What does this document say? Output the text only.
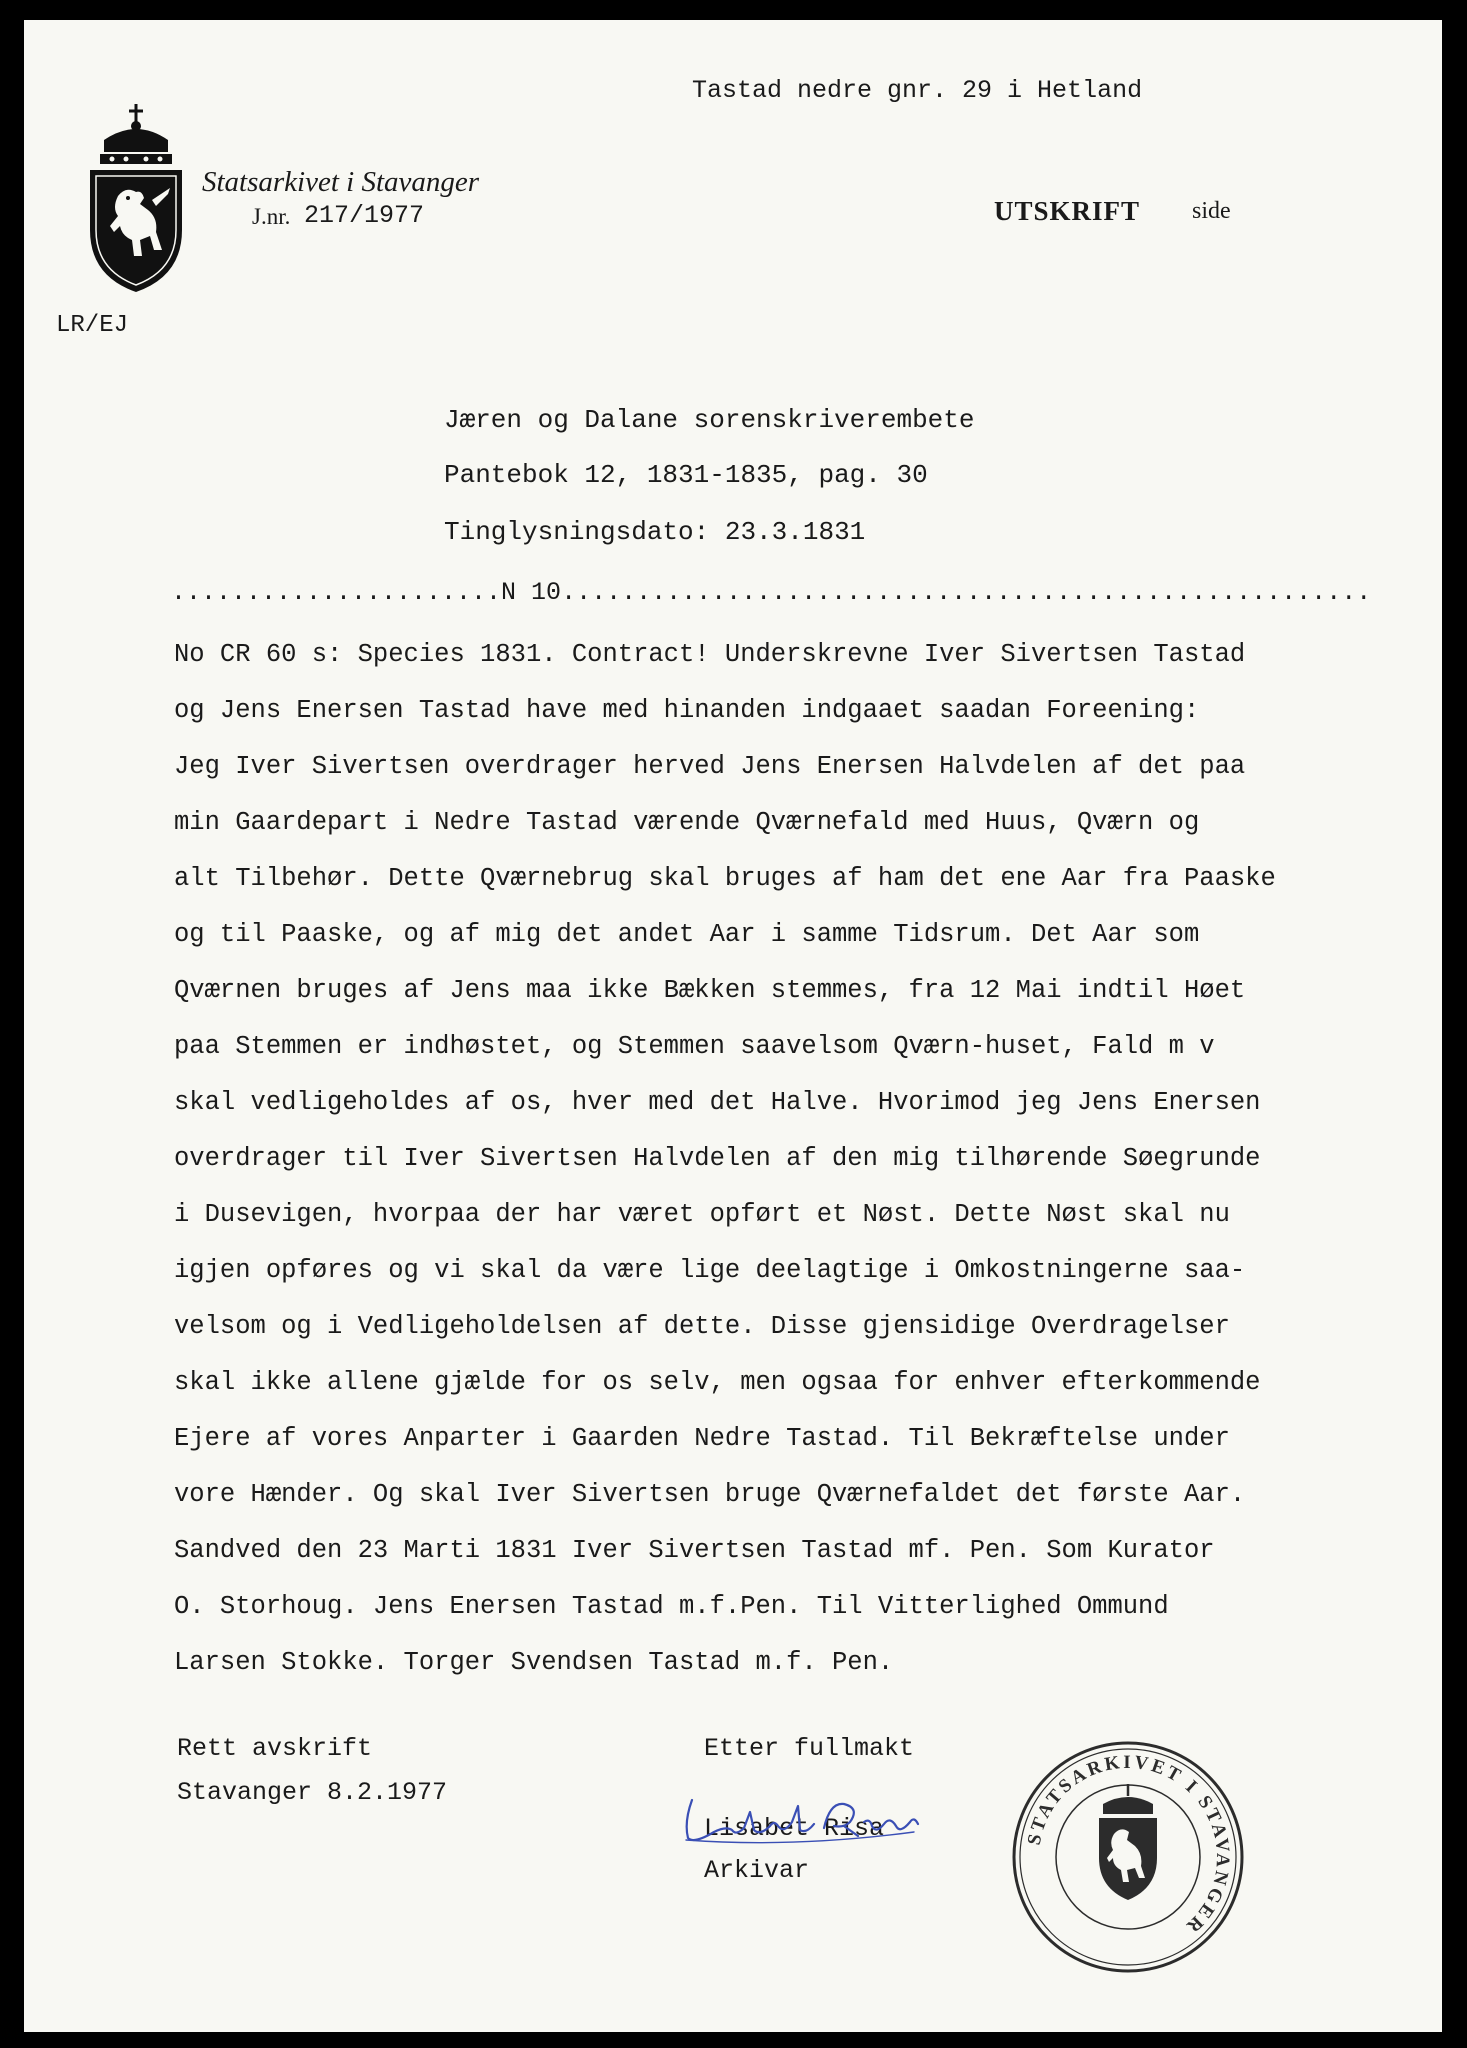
Tastad nedre gnr. 29 i Hetland
Statsarkivet i Stavanger
J.nr. 217/1977	UTSKRIFT side
LR/EJ
Jæren og Dalane sorenskriverembete
Pantebok 12, 1831-1835, pag. 30
Tinglysningsdato: 23.3.1831
......................N 10......................................................
No CR 60 s: Species 1831. Contract! Underskrevne Iver Sivertsen Tastad
og Jens Enersen Tastad have med hinanden indgaaet saadan Foreening:
Jeg Iver Sivertsen overdrager herved Jens Enersen Halvdelen af det paa
min Gaardepart i Nedre Tastad værende Qværnefald med Huus, Qværn og
alt Tilbehør. Dette Qværnebrug skal bruges af ham det ene Aar fra Paaske
og til Paaske, og af mig det andet Aar i samme Tidsrum. Det Aar som
Qværnen bruges af Jens maa ikke Bækken stemmes, fra 12 Mai indtil Høet
paa Stemmen er indhøstet, og Stemmen saavelsom Qværn-huset, Fald m v
skal vedligeholdes af os, hver med det Halve. Hvorimod jeg Jens Enersen
overdrager til Iver Sivertsen Halvdelen af den mig tilhørende Søegrunde
i Dusevigen, hvorpaa der har været opført et Nøst. Dette Nøst skal nu
igjen opføres og vi skal da være lige deelagtige i Omkostningerne saa-
velsom og i Vedligeholdelsen af dette. Disse gjensidige Overdragelser
skal ikke allene gjælde for os selv, men ogsaa for enhver efterkommende
Ejere af vores Anparter i Gaarden Nedre Tastad. Til Bekræftelse under
vore Hænder. Og skal Iver Sivertsen bruge Qværnefaldet det første Aar.
Sandved den 23 Marti 1831 Iver Sivertsen Tastad mf. Pen. Som Kurator
O. Storhoug. Jens Enersen Tastad m.f.Pen. Til Vitterlighed Ommund
Larsen Stokke. Torger Svendsen Tastad m.f. Pen.
Rett avskrift
Stavanger 8.2.1977
Etter fullmakt
Lisabet Risa
Arkivar
STATSARKIVET I STAVANGER
